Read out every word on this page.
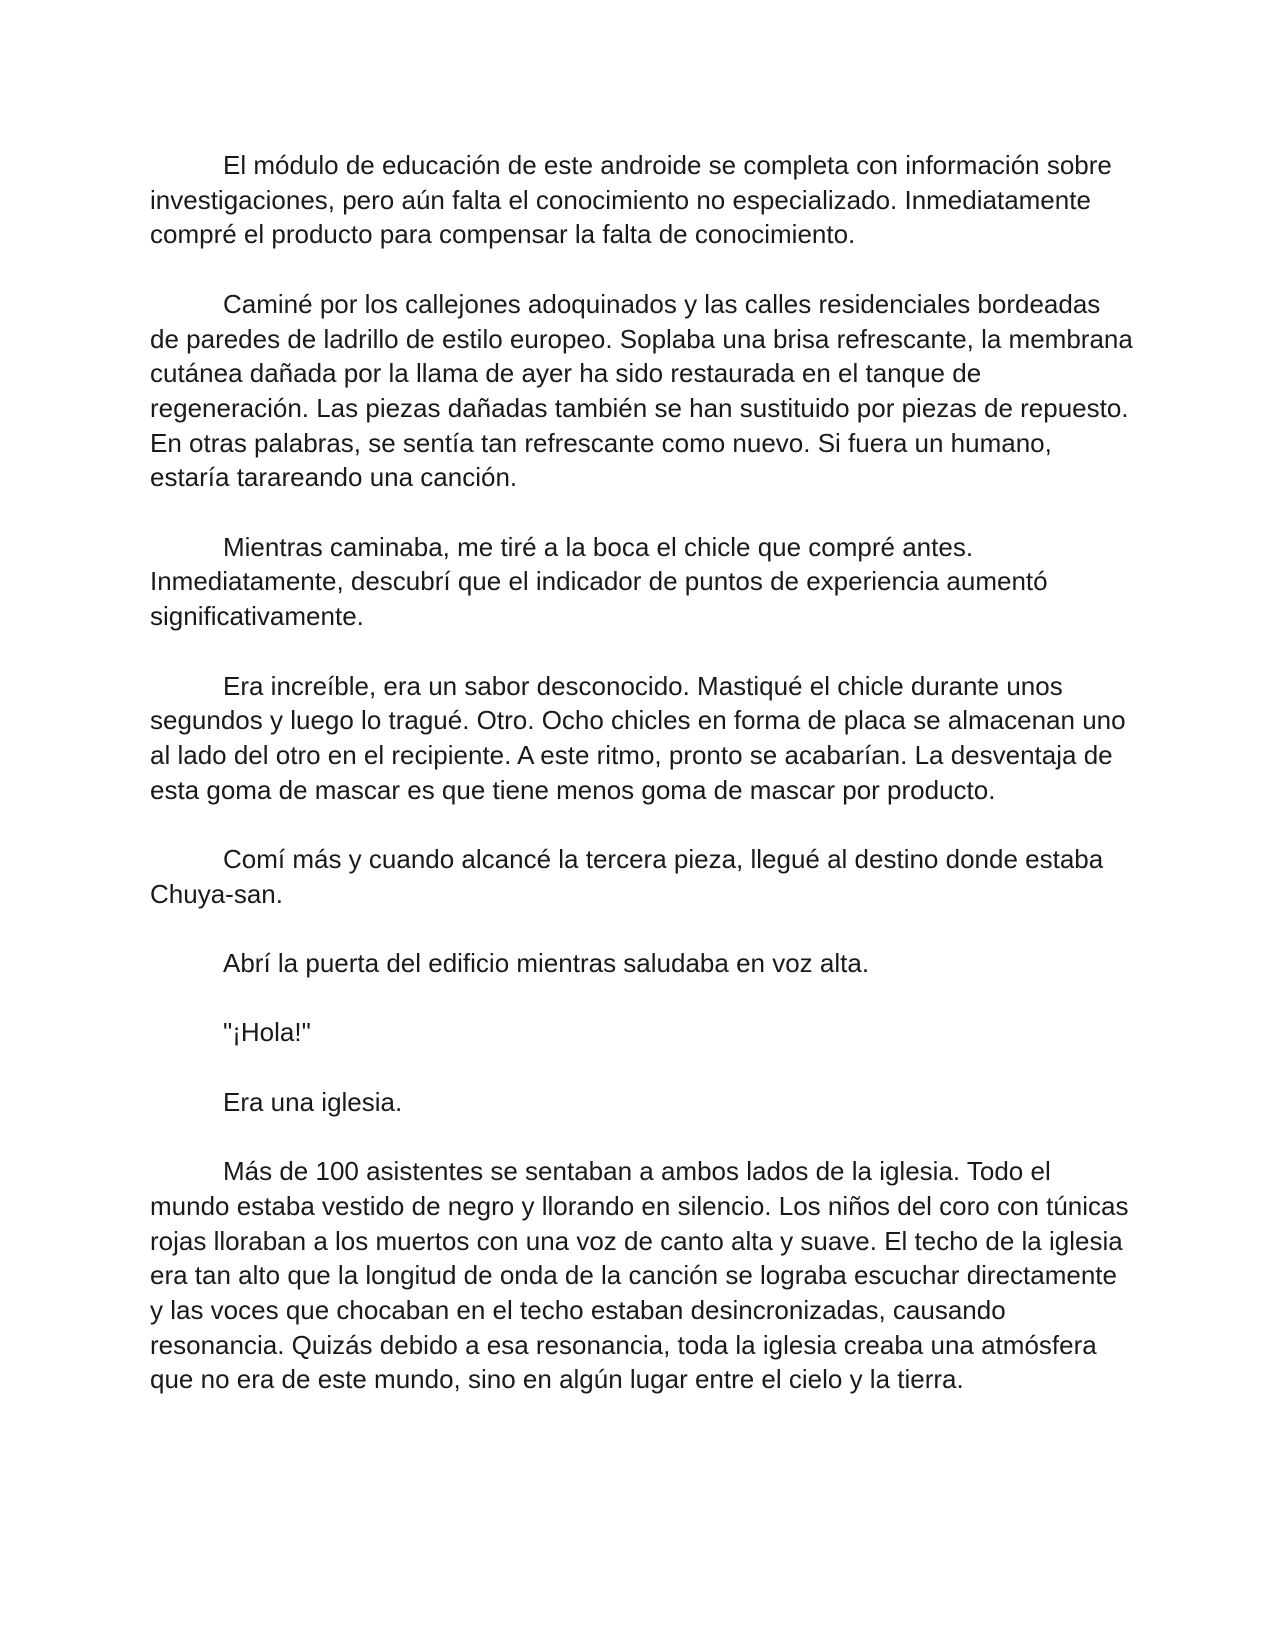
El módulo de educación de este androide se completa con información sobre investigaciones, pero aún falta el conocimiento no especializado. Inmediatamente compré el producto para compensar la falta de conocimiento.

Caminé por los callejones adoquinados y las calles residenciales bordeadas de paredes de ladrillo de estilo europeo. Soplaba una brisa refrescante, la membrana cutánea dañada por la llama de ayer ha sido restaurada en el tanque de regeneración. Las piezas dañadas también se han sustituido por piezas de repuesto. En otras palabras, se sentía tan refrescante como nuevo. Si fuera un humano, estaría tarareando una canción.

Mientras caminaba, me tiré a la boca el chicle que compré antes. Inmediatamente, descubrí que el indicador de puntos de experiencia aumentó significativamente.

Era increíble, era un sabor desconocido. Mastiqué el chicle durante unos segundos y luego lo tragué. Otro. Ocho chicles en forma de placa se almacenan uno al lado del otro en el recipiente. A este ritmo, pronto se acabarían. La desventaja de esta goma de mascar es que tiene menos goma de mascar por producto.

Comí más y cuando alcancé la tercera pieza, llegué al destino donde estaba Chuya-san.

Abrí la puerta del edificio mientras saludaba en voz alta.

"¡Hola!"

Era una iglesia.

Más de 100 asistentes se sentaban a ambos lados de la iglesia. Todo el mundo estaba vestido de negro y llorando en silencio. Los niños del coro con túnicas rojas lloraban a los muertos con una voz de canto alta y suave. El techo de la iglesia era tan alto que la longitud de onda de la canción se lograba escuchar directamente y las voces que chocaban en el techo estaban desincronizadas, causando resonancia. Quizás debido a esa resonancia, toda la iglesia creaba una atmósfera que no era de este mundo, sino en algún lugar entre el cielo y la tierra.
